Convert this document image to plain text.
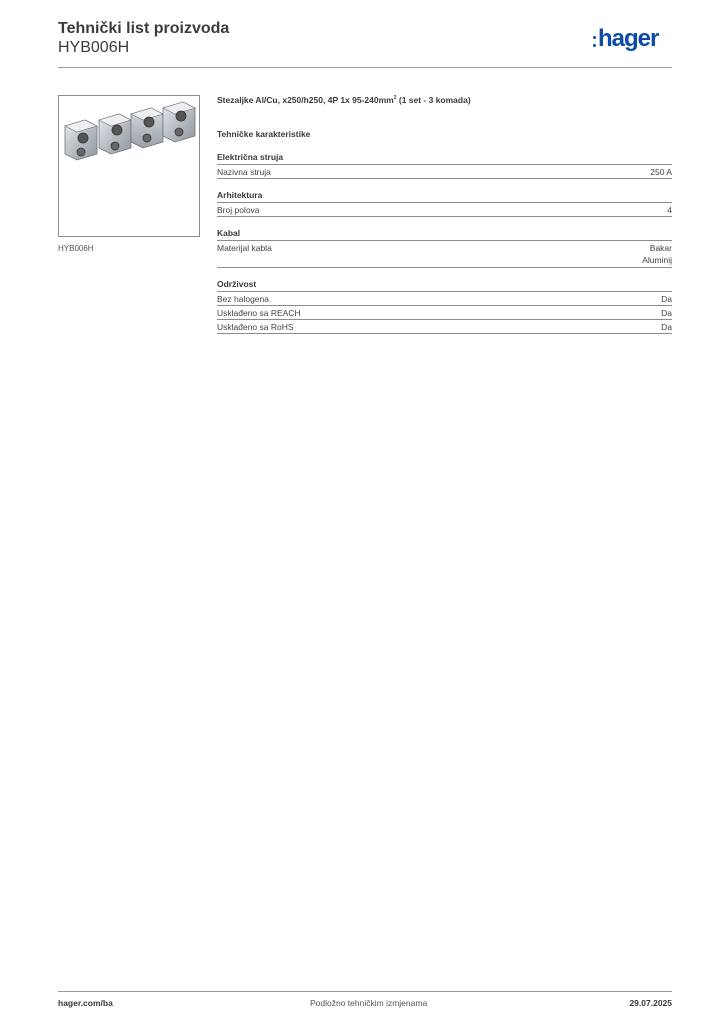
Tehnički list proizvoda
HYB006H	hager
HYB006H
Stezaljke Al/Cu, x250/h250, 4P 1x $95-240mm^2$ (1 set - 3 komada)
Tehničke karakteristike
Električna struja
Nazivna struja	250 A
Arhitektura
Broj polova	4
Kabal
Materijal kabla	Bakar
Aluminij
Održivost
Bez halogena	Da
Usklađeno sa REACH	Da
Usklađeno sa RoHS	Da
hager.com/ba	Podložno tehničkim izmjenama	29.07.2025
